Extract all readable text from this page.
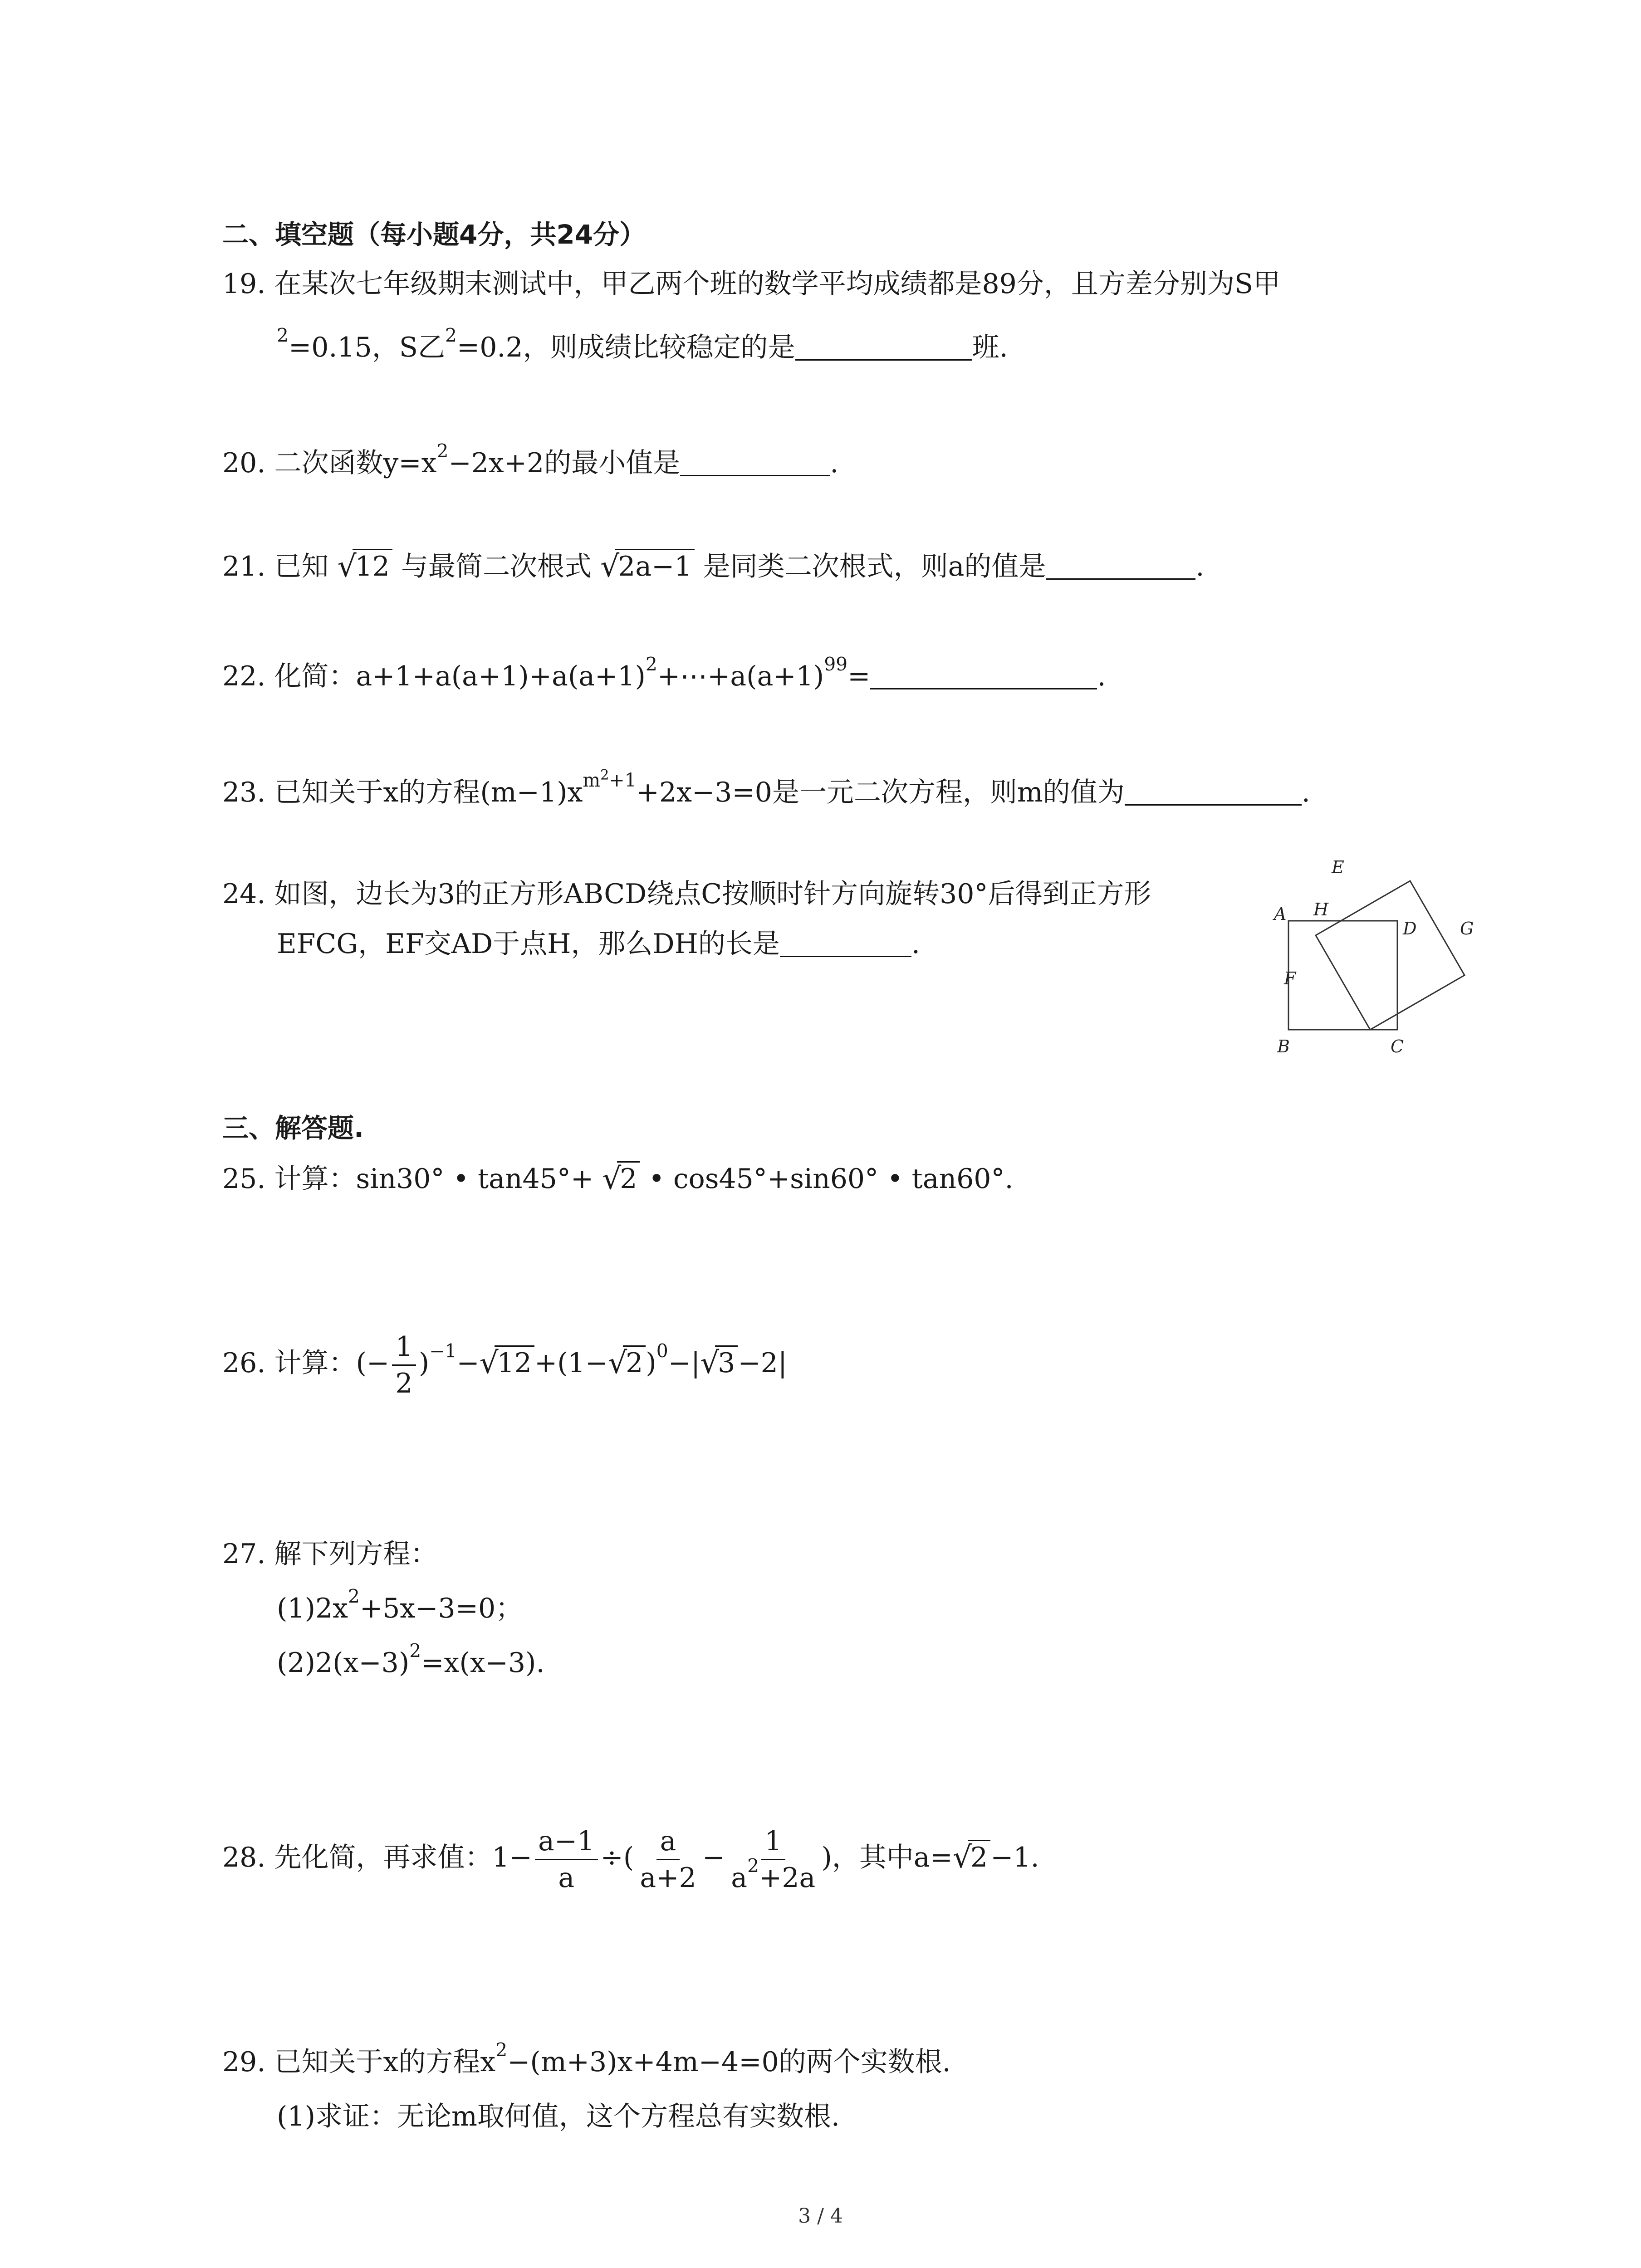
二、填空题（每小题4分，共24分）
19. 在某次七年级期末测试中，甲乙两个班的数学平均成绩都是89分，且方差分别为S甲
$^2$=0.15，S乙$^2$=0.2，则成绩比较稳定的是	班.
20. 二次函数$y=x^2-2x+2$的最小值是	.
21. 已知 √
12 与最简二次根式 √
2a−1 是同类二次根式，则a的值是	.
22. 化简：$a+1+a(a+1)+a(a+1)^2+\cdots+a(a+1)^{99}=$	.
23. 已知关于x的方程$(m-1)x^{m^2+1}+2x-3=0$是一元二次方程，则m的值为	.
24. 如图，边长为3的正方形ABCD绕点C按顺时针方向旋转30°后得到正方形
EFCG，EF交AD于点H，那么DH的长是	.
A
B	C
D
E
F
G
H
三、解答题.
25. 计算：sin30° • tan45°+ √
2 • cos45°+sin60° • tan60°.
26. 计算：(− $\frac{1}{2} )^{-1}-$ √
12 +(1− √
2 )$^0$−| √
3 −2|
27. 解下列方程：
$(1)2x^2+5x-3=0$；
$(2)2(x-3)^2=x(x-3)$.
28. 先化简，再求值：$1- \frac{a-1}{a}$ ÷( $\frac{a}{a+2} - \frac{1}{a^2+2a}$ )，其中a= √
2 −1.
29. 已知关于x的方程$x^2-(m+3)x+4m-4=0$的两个实数根.
(1)求证：无论m取何值，这个方程总有实数根.
3 / 4
